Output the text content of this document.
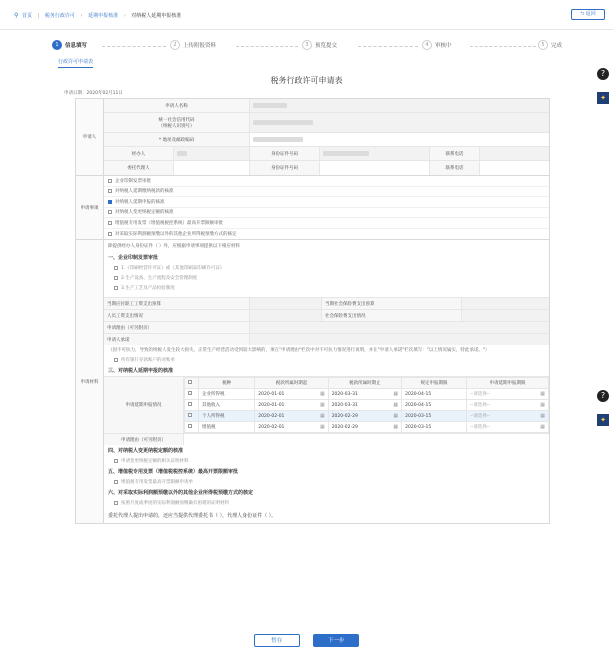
⚲ 首页 | 税务行政许可 › 延期申报核准 › 对纳税人延期申报核准	⮌ 返回
1 信息填写	2 上传附报资料	3 预览提交	4 审核中	5 完成
行政许可申请表
?
✦
?
✦
税务行政许可申请表
申请日期：2020年02月11日
申请人
申请人名称
统一社会信用代码
（纳税人识别号）
* 地址及邮政编码
经办人	身份证件号码	联系电话
委托代理人	身份证件号码	联系电话
申请事项
企业印制发票审批
对纳税人延期缴纳税款的核准
对纳税人延期申报的核准
对纳税人变更纳税定额的核准
增值税专用发票（增值税税控系统）最高开票限额审批
对采取实际利润额预缴以外的其他企业所得税预缴方式的核定
申请材料
除提供经办人身份证件（ ）外，应根据申请事项提供以下相应材料
一、企业印制发票审批
1.《印刷经营许可证》或《其他印刷品印刷许可证》
2.生产设备、生产流程及安全管理制度
3.生产工艺及产品检验制度
当期应付职工工资支出预算	当期社会保险费支出预算
人员工资支出情况	社会保险费支出情况
申请理由（可另附页）
申请人承诺
（因不可抗力，导致的纳税人发生较大损失，正常生产经营活动受到较大影响的，须在"申请理由"栏次中对不可抗力情况进行说明，并在"申请人承诺"栏次填写："以上情况属实，特此承诺。"）
所有银行存款账户的对账单
三、对纳税人延期申报的核准
申请延期申报情况
	税种	税款所属时期起	税款所属时期止	规定申报期限	申请延期申报期限
	企业所得税	2020-01-01 ▦	2020-03-31 ▦	2020-04-15	--请选择-- ▦

	其他收入	2020-01-01 ▦	2020-03-31 ▦	2020-04-15	--请选择-- ▦

	个人所得税	2020-02-01 ▦	2020-02-29 ▦	2020-03-15	--请选择-- ▦

	增值税	2020-02-01 ▦	2020-02-29 ▦	2020-03-15	--请选择-- ▦
申请理由（可另附页）
四、对纳税人变更纳税定额的核准
申请变更纳税定额的相关证明材料
五、增值税专用发票（增值税税控系统）最高开票限额审批
增值税专用发票最高开票限额申请单
六、对采取实际利润额预缴以外的其他企业所得税预缴方式的核定
按照月度或季度的实际利润额预缴确有困难的证明材料
委托代理人提出申请的，还应当提供代理委托书（ ），代理人身份证件（ ）。
暂存	下一步
